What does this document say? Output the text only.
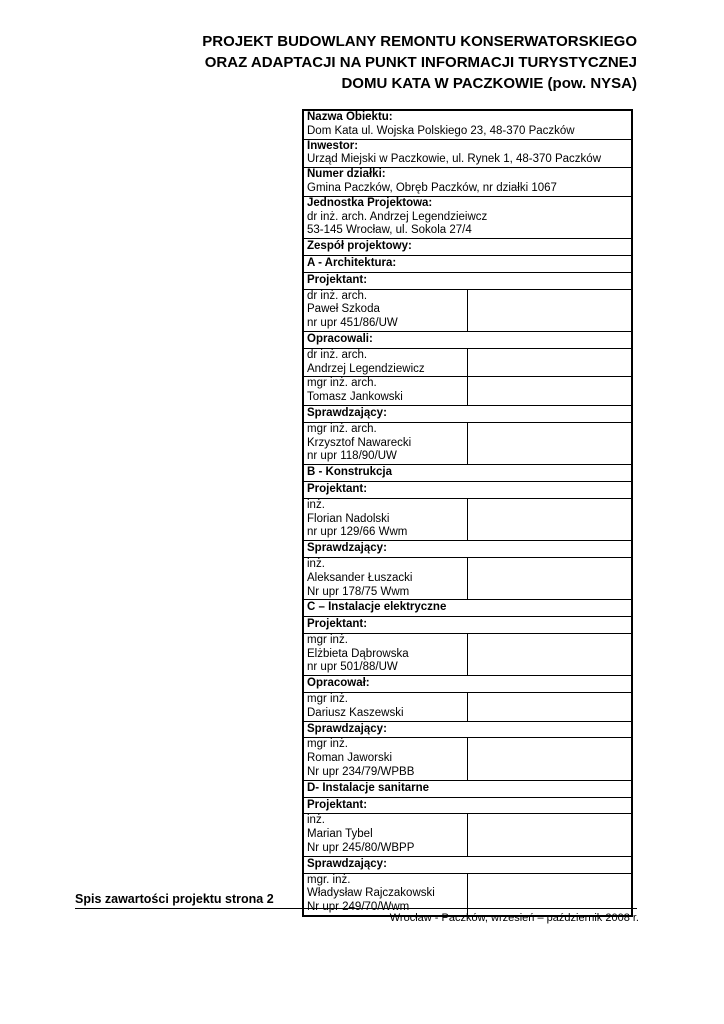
PROJEKT BUDOWLANY REMONTU KONSERWATORSKIEGO
ORAZ ADAPTACJI NA PUNKT INFORMACJI TURYSTYCZNEJ
DOMU KATA W PACZKOWIE (pow. NYSA)
Nazwa Obiektu:
Dom Kata ul. Wojska Polskiego 23, 48-370 Paczków	

Inwestor:
Urząd Miejski w Paczkowie, ul. Rynek 1, 48-370 Paczków	

Numer działki:
Gmina Paczków, Obręb Paczków, nr działki 1067	

Jednostka Projektowa:
dr inż. arch. Andrzej Legendzieiwcz
53-145 Wrocław, ul. Sokola 27/4	

Zespół projektowy:	
A - Architektura:	
Projektant:	

dr inż. arch.
Paweł Szkoda
nr upr 451/86/UW	

Opracowali:	

dr inż. arch.
Andrzej Legendziewicz	

mgr inż. arch.
Tomasz Jankowski	

Sprawdzający:	

mgr inż. arch.
Krzysztof Nawarecki
nr upr 118/90/UW	

B - Konstrukcja	
Projektant:	

inż.
Florian Nadolski
nr upr 129/66 Wwm	

Sprawdzający:	

inż.
Aleksander Łuszacki
Nr upr 178/75 Wwm	

C – Instalacje elektryczne	
Projektant:	

mgr inż.
Elżbieta Dąbrowska
nr upr 501/88/UW	

Opracował:	

mgr inż.
Dariusz Kaszewski	

Sprawdzający:	

mgr inż.
Roman Jaworski
Nr upr 234/79/WPBB	

D- Instalacje sanitarne	
Projektant:	

inż.
Marian Tybel
Nr upr 245/80/WBPP	

Sprawdzający:	

mgr. inż.
Władysław Rajczakowski
Nr upr 249/70/Wwm	

Spis zawartości projektu strona 2
Wrocław - Paczków, wrzesień – październik 2008 r.
